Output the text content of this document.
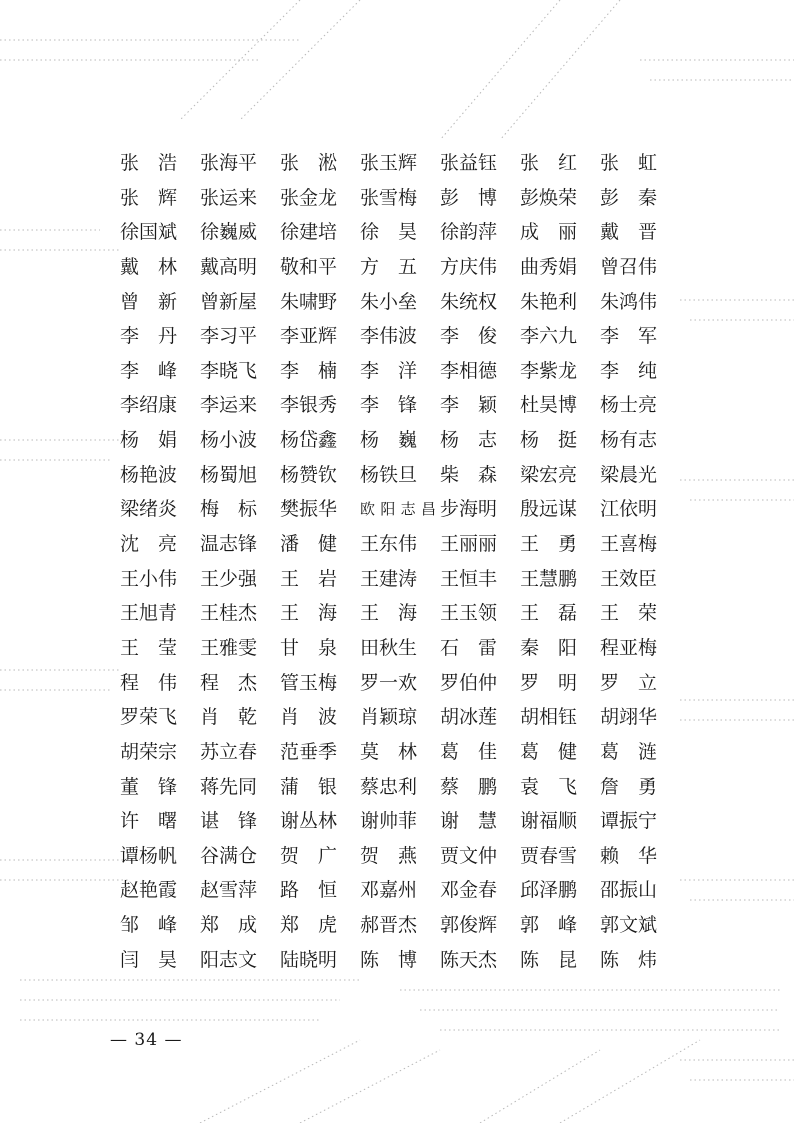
张 浩 张 海 平 张 淞 张 玉 辉 张 益 钰 张 红 张 虹
张 辉 张 运 来 张 金 龙 张 雪 梅 彭 博 彭 焕 荣 彭 秦
徐 国 斌 徐 巍 威 徐 建 培 徐 昊 徐 韵 萍 成 丽 戴 晋
戴 林 戴 高 明 敬 和 平 方 五 方 庆 伟 曲 秀 娟 曾 召 伟
曾 新 曾 新 屋 朱 啸 野 朱 小 垒 朱 统 权 朱 艳 利 朱 鸿 伟
李 丹 李 习 平 李 亚 辉 李 伟 波 李 俊 李 六 九 李 军
李 峰 李 晓 飞 李 楠 李 洋 李 相 德 李 紫 龙 李 纯
李 绍 康 李 运 来 李 银 秀 李 锋 李 颖 杜 昊 博 杨 士 亮
杨 娟 杨 小 波 杨 岱 鑫 杨 巍 杨 志 杨 挺 杨 有 志
杨 艳 波 杨 蜀 旭 杨 赞 钦 杨 铁 旦 柴 森 梁 宏 亮 梁 晨 光
梁 绪 炎 梅 标 樊 振 华 欧 阳 志 昌 步 海 明 殷 远 谋 江 依 明
沈 亮 温 志 锋 潘 健 王 东 伟 王 丽 丽 王 勇 王 喜 梅
王 小 伟 王 少 强 王 岩 王 建 涛 王 恒 丰 王 慧 鹏 王 效 臣
王 旭 青 王 桂 杰 王 海 王 海 王 玉 领 王 磊 王 荣
王 莹 王 雅 雯 甘 泉 田 秋 生 石 雷 秦 阳 程 亚 梅
程 伟 程 杰 管 玉 梅 罗 一 欢 罗 伯 仲 罗 明 罗 立
罗 荣 飞 肖 乾 肖 波 肖 颖 琼 胡 冰 莲 胡 相 钰 胡 翊 华
胡 荣 宗 苏 立 春 范 垂 季 莫 林 葛 佳 葛 健 葛 涟
董 锋 蒋 先 同 蒲 银 蔡 忠 利 蔡 鹏 袁 飞 詹 勇
许 曙 谌 锋 谢 丛 林 谢 帅 菲 谢 慧 谢 福 顺 谭 振 宁
谭 杨 帆 谷 满 仓 贺 广 贺 燕 贾 文 仲 贾 春 雪 赖 华
赵 艳 霞 赵 雪 萍 路 恒 邓 嘉 州 邓 金 春 邱 泽 鹏 邵 振 山
邹 峰 郑 成 郑 虎 郝 晋 杰 郭 俊 辉 郭 峰 郭 文 斌
闫 昊 阳 志 文 陆 晓 明 陈 博 陈 天 杰 陈 昆 陈 炜
— 34 —
